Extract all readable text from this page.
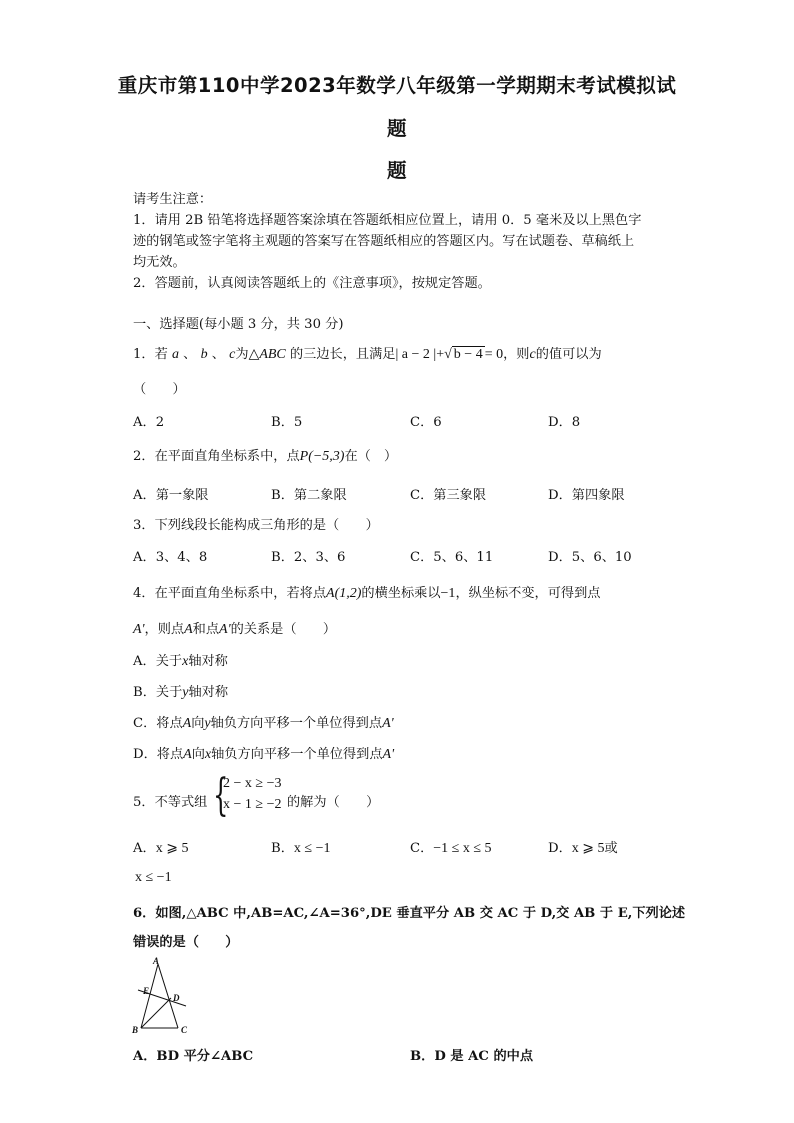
重庆市第110中学2023年数学八年级第一学期期末考试模拟试
题
题
请考生注意：
1．请用 2B 铅笔将选择题答案涂填在答题纸相应位置上，请用 0．5 毫米及以上黑色字
迹的钢笔或签字笔将主观题的答案写在答题纸相应的答题区内。写在试题卷、草稿纸上
均无效。
2．答题前，认真阅读答题纸上的《注意事项》，按规定答题。
一、选择题(每小题 3 分，共 30 分)
1．若 a 、 b 、 c为△ABC 的三边长，且满足| a − 2 |+√ b − 4 = 0，则c的值可以为
（　　）
A．2	B．5	C．6	D．8
2．在平面直角坐标系中，点P(−5,3)在（　）
A．第一象限	B．第二象限	C．第三象限	D．第四象限
3．下列线段长能构成三角形的是（　　）
A．3、4、8	B．2、3、6	C．5、6、11	D．5、6、10
4．在平面直角坐标系中，若将点A(1,2)的横坐标乘以−1，纵坐标不变，可得到点
A'，则点A和点A'的关系是（　　）
A．关于x轴对称
B．关于y轴对称
C．将点A向y轴负方向平移一个单位得到点A'
D．将点A向x轴负方向平移一个单位得到点A'
5．不等式组 {
2 − x ≥ −3
x − 1 ≥ −2 的解为（　　）
A．x ⩾ 5	B．x ≤ −1	C．−1 ≤ x ≤ 5	D．x ⩾ 5或
x ≤ −1
6．如图,△ABC 中,AB=AC,∠A=36°,DE 垂直平分 AB 交 AC 于 D,交 AB 于 E,下列论述
错误的是（　　）
A
E
D
B	C
A．BD 平分∠ABC	B．D 是 AC 的中点
